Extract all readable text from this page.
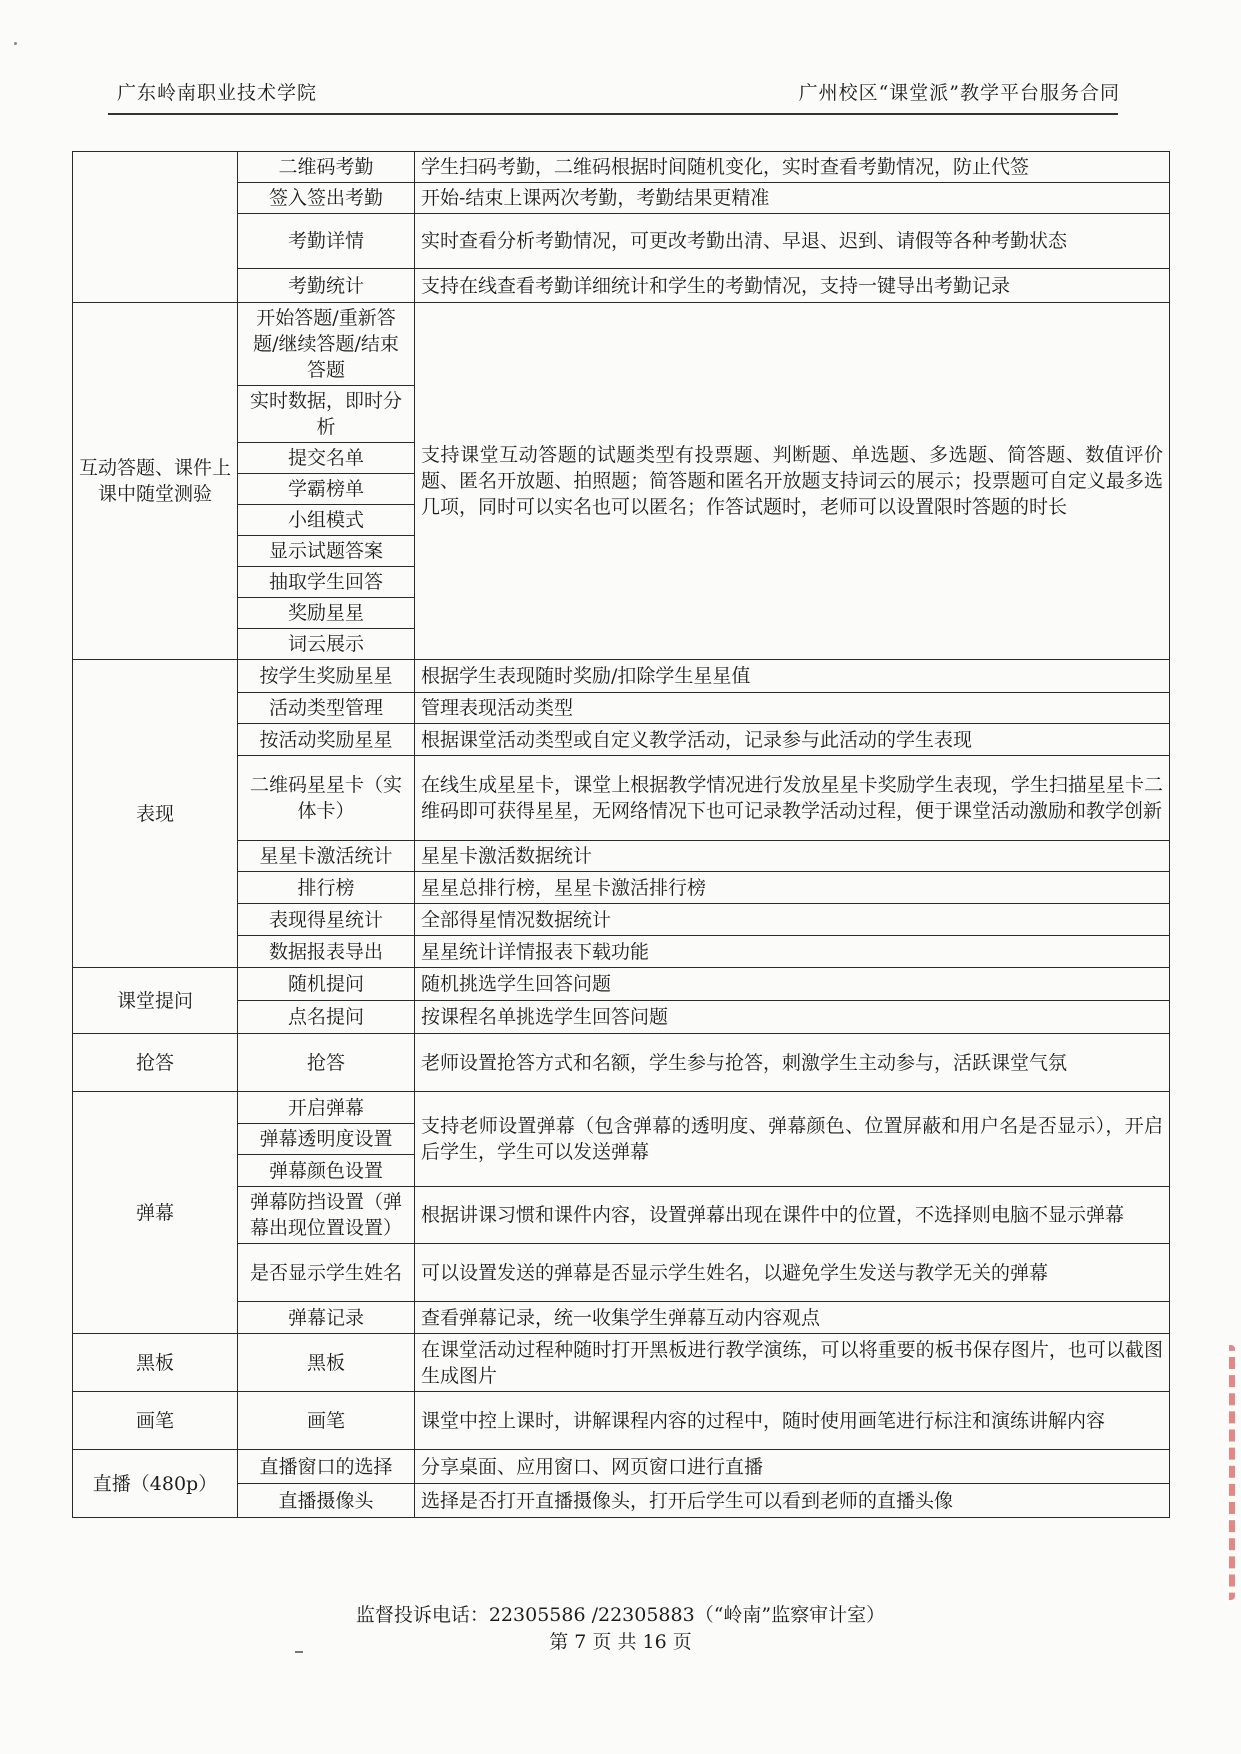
广东岭南职业技术学院	广州校区“课堂派”教学平台服务合同
	二维码考勤	学生扫码考勤，二维码根据时间随机变化，实时查看考勤情况，防止代签
	签入签出考勤	开始-结束上课两次考勤，考勤结果更精准
	考勤详情	实时查看分析考勤情况，可更改考勤出清、早退、迟到、请假等各种考勤状态
	考勤统计	支持在线查看考勤详细统计和学生的考勤情况，支持一键导出考勤记录
互动答题、课件上课中随堂测验	开始答题/重新答题/继续答题/结束答题	支持课堂互动答题的试题类型有投票题、判断题、单选题、多选题、简答题、数值评价题、匿名开放题、拍照题；简答题和匿名开放题支持词云的展示；投票题可自定义最多选几项，同时可以实名也可以匿名；作答试题时，老师可以设置限时答题的时长
	实时数据，即时分析	
	提交名单	
	学霸榜单	
	小组模式	
	显示试题答案	
	抽取学生回答	
	奖励星星	
	词云展示	
表现	按学生奖励星星	根据学生表现随时奖励/扣除学生星星值
	活动类型管理	管理表现活动类型
	按活动奖励星星	根据课堂活动类型或自定义教学活动，记录参与此活动的学生表现
	二维码星星卡（实体卡）	在线生成星星卡，课堂上根据教学情况进行发放星星卡奖励学生表现，学生扫描星星卡二维码即可获得星星，无网络情况下也可记录教学活动过程，便于课堂活动激励和教学创新
	星星卡激活统计	星星卡激活数据统计
	排行榜	星星总排行榜，星星卡激活排行榜
	表现得星统计	全部得星情况数据统计
	数据报表导出	星星统计详情报表下载功能
课堂提问	随机提问	随机挑选学生回答问题
	点名提问	按课程名单挑选学生回答问题
抢答	抢答	老师设置抢答方式和名额，学生参与抢答，刺激学生主动参与，活跃课堂气氛
弹幕	开启弹幕	支持老师设置弹幕（包含弹幕的透明度、弹幕颜色、位置屏蔽和用户名是否显示），开启后学生，学生可以发送弹幕
	弹幕透明度设置	
	弹幕颜色设置	
	弹幕防挡设置（弹幕出现位置设置）	根据讲课习惯和课件内容，设置弹幕出现在课件中的位置，不选择则电脑不显示弹幕
	是否显示学生姓名	可以设置发送的弹幕是否显示学生姓名，以避免学生发送与教学无关的弹幕
	弹幕记录	查看弹幕记录，统一收集学生弹幕互动内容观点
黑板	黑板	在课堂活动过程种随时打开黑板进行教学演练，可以将重要的板书保存图片，也可以截图生成图片
画笔	画笔	课堂中控上课时，讲解课程内容的过程中，随时使用画笔进行标注和演练讲解内容
直播（480p）	直播窗口的选择	分享桌面、应用窗口、网页窗口进行直播
	直播摄像头	选择是否打开直播摄像头，打开后学生可以看到老师的直播头像
监督投诉电话：22305586 /22305883（“岭南”监察审计室）
第 7 页 共 16 页
